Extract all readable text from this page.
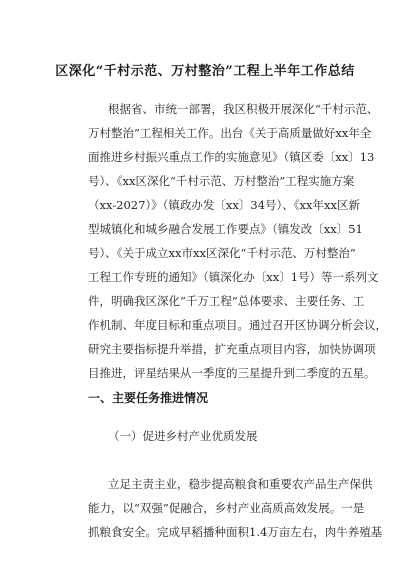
区深化“千村示范、万村整治”工程上半年工作总结
根据省、市统一部署，我区积极开展深化“千村示范、
万村整治”工程相关工作。出台《关于高质量做好xx年全
面推进乡村振兴重点工作的实施意见》（镇区委〔xx〕13
号）、《xx区深化“千村示范、万村整治”工程实施方案
（xx-2027）》（镇政办发〔xx〕34号）、《xx年xx区新
型城镇化和城乡融合发展工作要点》（镇发改〔xx〕51
号）、《关于成立xx市xx区深化“千村示范、万村整治”
工程工作专班的通知》（镇深化办〔xx〕1号）等一系列文
件，明确我区深化“千万工程”总体要求、主要任务、工
作机制、年度目标和重点项目。通过召开区协调分析会议，
研究主要指标提升举措，扩充重点项目内容，加快协调项
目推进，评星结果从一季度的三星提升到二季度的五星。
一、主要任务推进情况
（一）促进乡村产业优质发展
立足主责主业，稳步提高粮食和重要农产品生产保供
能力，以“双强”促融合，乡村产业高质高效发展。一是
抓粮食安全。完成早稻播种面积1.4万亩左右，肉牛养殖基
